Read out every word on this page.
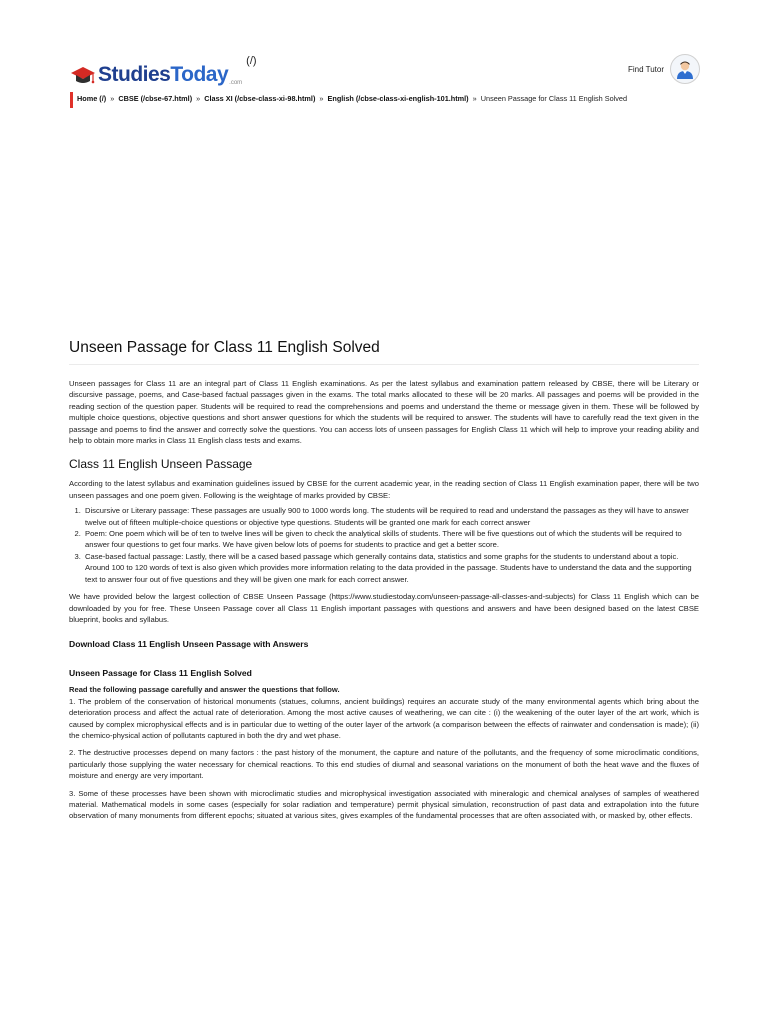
StudiesToday .com
(/)
Find Tutor
Home (/) » CBSE (/cbse-67.html) » Class XI (/cbse-class-xi-98.html) » English (/cbse-class-xi-english-101.html) » Unseen Passage for Class 11 English Solved
Unseen Passage for Class 11 English Solved

Unseen passages for Class 11 are an integral part of Class 11 English examinations. As per the latest syllabus and examination pattern released by CBSE, there will be Literary or discursive passage, poems, and Case-based factual passages given in the exams. The total marks allocated to these will be 20 marks. All passages and poems will be provided in the reading section of the question paper. Students will be required to read the comprehensions and poems and understand the theme or message given in them. These will be followed by multiple choice questions, objective questions and short answer questions for which the students will be required to answer. The students will have to carefully read the text given in the passage and poems to find the answer and correctly solve the questions. You can access lots of unseen passages for English Class 11 which will help to improve your reading ability and help to obtain more marks in Class 11 English class tests and exams.

Class 11 English Unseen Passage

According to the latest syllabus and examination guidelines issued by CBSE for the current academic year, in the reading section of Class 11 English examination paper, there will be two unseen passages and one poem given. Following is the weightage of marks provided by CBSE:

1. Discursive or Literary passage: These passages are usually 900 to 1000 words long. The students will be required to read and understand the passages as they will have to answer twelve out of fifteen multiple-choice questions or objective type questions. Students will be granted one mark for each correct answer
2. Poem: One poem which will be of ten to twelve lines will be given to check the analytical skills of students. There will be five questions out of which the students will be required to answer four questions to get four marks. We have given below lots of poems for students to practice and get a better score.
3. Case-based factual passage: Lastly, there will be a cased based passage which generally contains data, statistics and some graphs for the students to understand about a topic. Around 100 to 120 words of text is also given which provides more information relating to the data provided in the passage. Students have to understand the data and the supporting text to answer four out of five questions and they will be given one mark for each correct answer.

We have provided below the largest collection of CBSE Unseen Passage (https://www.studiestoday.com/unseen-passage-all-classes-and-subjects) for Class 11 English which can be downloaded by you for free. These Unseen Passage cover all Class 11 English important passages with questions and answers and have been designed based on the latest CBSE blueprint, books and syllabus.

Download Class 11 English Unseen Passage with Answers
Unseen Passage for Class 11 English Solved

Read the following passage carefully and answer the questions that follow.

1. The problem of the conservation of historical monuments (statues, columns, ancient buildings) requires an accurate study of the many environmental agents which bring about the deterioration process and affect the actual rate of deterioration. Among the most active causes of weathering, we can cite : (i) the weakening of the outer layer of the art work, which is caused by complex microphysical effects and is in particular due to wetting of the outer layer of the artwork (a comparison between the effects of rainwater and condensation is made); (ii) the chemico-physical action of pollutants captured in both the dry and wet phase.

2. The destructive processes depend on many factors : the past history of the monument, the capture and nature of the pollutants, and the frequency of some microclimatic conditions, particularly those supplying the water necessary for chemical reactions. To this end studies of diurnal and seasonal variations on the monument of both the heat wave and the fluxes of moisture and energy are very important.

3. Some of these processes have been shown with microclimatic studies and microphysical investigation associated with mineralogic and chemical analyses of samples of weathered material. Mathematical models in some cases (especially for solar radiation and temperature) permit physical simulation, reconstruction of past data and extrapolation into the future observation of many monuments from different epochs; situated at various sites, gives examples of the fundamental processes that are often associated with, or masked by, other effects.
